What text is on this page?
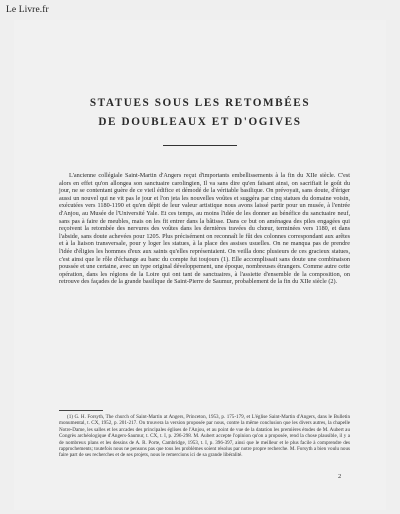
Le Livre.fr
STATUES SOUS LES RETOMBÉES
DE DOUBLEAUX ET D'OGIVES

L'ancienne collégiale Saint-Martin d'Angers reçut d'importants embellissements à la fin du XIIe siècle. C'est alors en effet qu'on allongea son sanctuaire carolingien, Il va sans dire qu'en faisant ainsi, on sacrifiait le goût du jour, ne se contentant guère de ce vieil édifice et démodé de la véritable basilique. On prévoyait, sans doute, d'ériger aussi un nouvel qui ne vit pas le jour et l'on jeta les nouvelles voûtes et suggéra par cinq statues du domaine voisin, exécutées vers 1180-1190 et qu'en dépit de leur valeur artistique nous avons laissé partir pour un musée, à l'entrée d'Anjou, au Musée de l'Université Yale. Et ces temps, au moins l'idée de les donner au bénéfice du sanctuaire neuf, sans pas à faire de meubles, mais on les fit entrer dans la bâtisse. Dans ce but on aménagea des piles engagées qui reçoivent la retombée des nervures des voûtes dans les dernières travées du chœur, terminées vers 1180, et dans l'abside, sans doute achevées pour 1205. Plus précisément on reconnaît le fût des colonnes correspondant aux arêtes et à la liaison transversale, pour y loger les statues, à la place des assises usuelles. On ne manqua pas de prendre l'idée d'éligies les hommes d'eux aux saints qu'elles représentaient. On veilla donc plusieurs de ces gracieux statues, c'est ainsi que le rôle d'échange au banc du compte fut toujours (1). Elle accomplissait sans doute une combinaison poussée et une certaine, avec un type original développement, une époque, nombreuses étrangers. Comme autre cette opération, dans les régions de la Loire qui ont tant de sanctuaires, à l'assiette d'ensemble de la composition, on retrouve des façades de la grande basilique de Saint-Pierre de Saumur, probablement de la fin du XIIe siècle (2).

(1) G. H. Forsyth, The church of Saint-Martin at Angers, Princeton, 1953, p. 175-179, et L'église Saint-Martin d'Angers, dans le Bulletin monumental, t. CX, 1952, p. 201-217. On trouvera la version proposée par nous, contre la même conclusion que les divers autres, la chapelle Notre-Dame, les salles et les arcades des principales églises de l'Anjou, et au point de vue de la datation les premières études de M. Aubert au Congrès archéologique d'Angers-Saumur, t. CX, t. I, p. 296-298. M. Aubert accepte l'opinion qu'on a proposée, rend la chose plausible, il y a de nombreux plans et les dessins de A. R. Porte, Cambridge, 1953, t. I, p. 396-397, ainsi que le meilleur et le plus facile à comprendre des rapprochements; toutefois nous ne pensons pas que tous les problèmes soient résolus par notre propre recherche. M. Forsyth a bien voulu nous faire part de ses recherches et de ses projets, nous le remercions ici de sa grande libéralité.

2
